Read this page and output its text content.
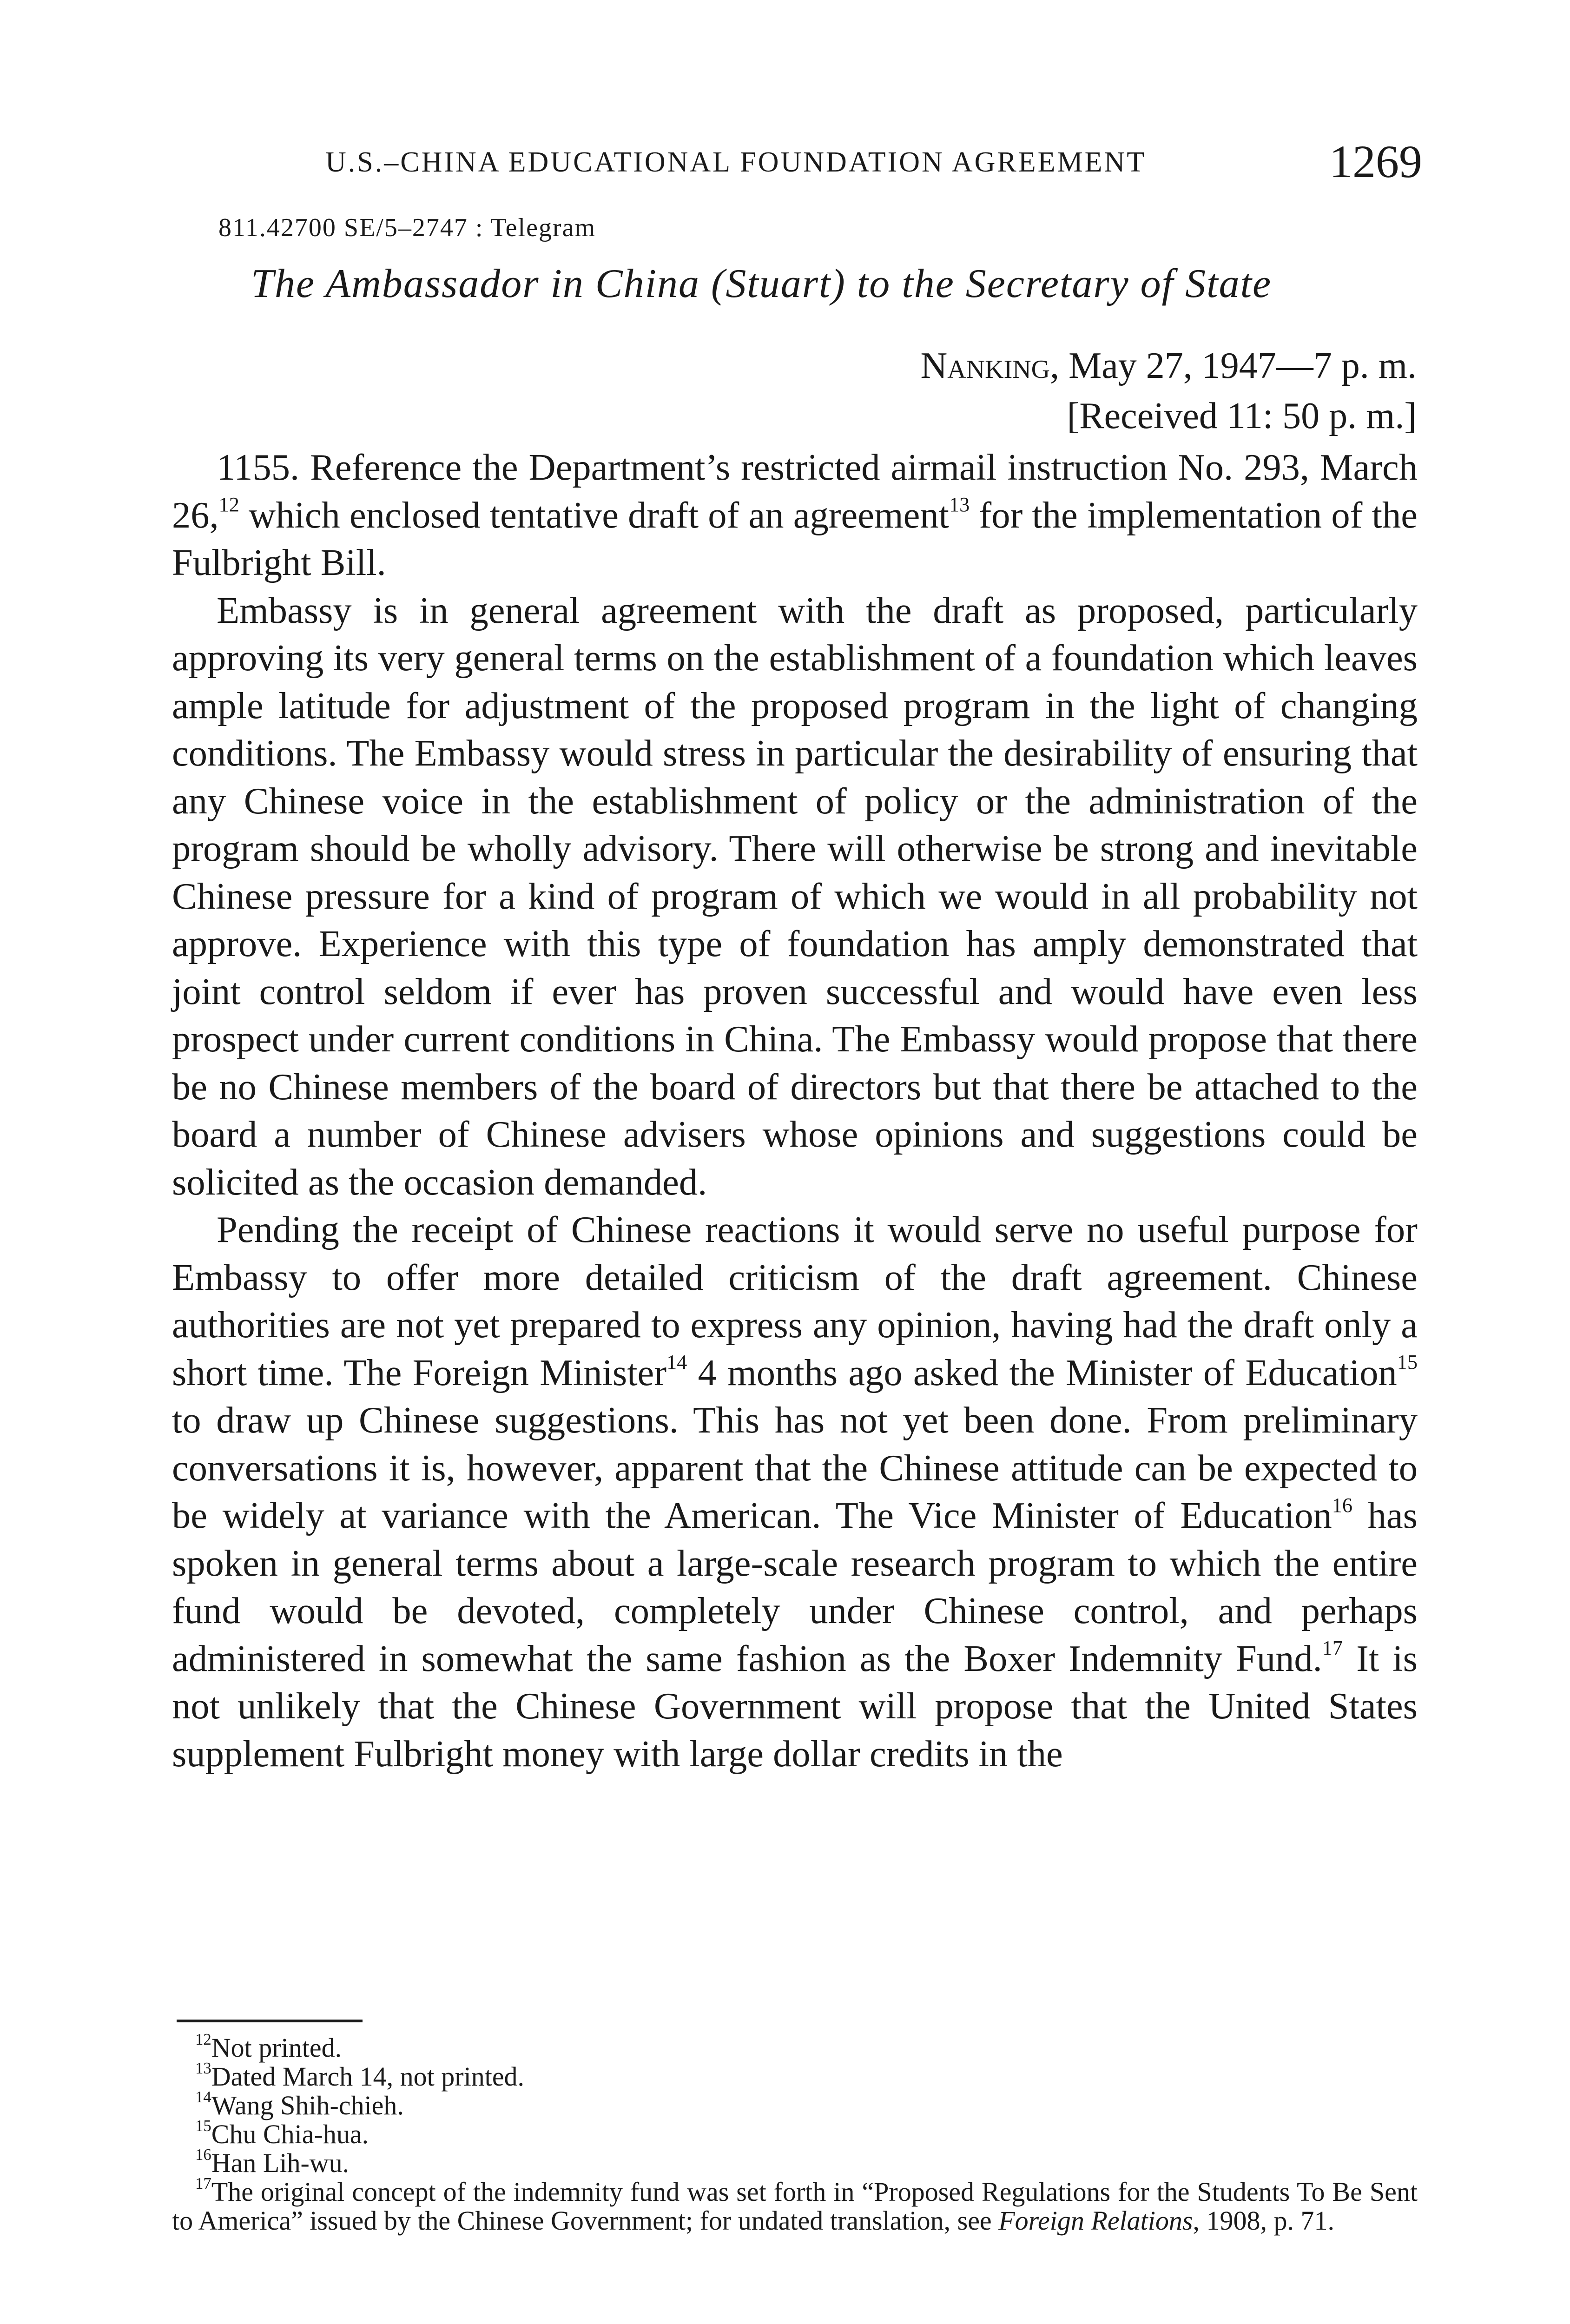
U.S.–CHINA EDUCATIONAL FOUNDATION AGREEMENT	1269
811.42700 SE/5–2747 : Telegram
The Ambassador in China (Stuart) to the Secretary of State
Nanking, May 27, 1947—7 p. m.
[Received 11: 50 p. m.]

1155. Reference the Department’s restricted airmail instruction No. 293, March 26,12 which enclosed tentative draft of an agreement$^{13}$ for the implementation of the Fulbright Bill.

Embassy is in general agreement with the draft as proposed, particularly approving its very general terms on the establishment of a foundation which leaves ample latitude for adjustment of the proposed program in the light of changing conditions. The Embassy would stress in particular the desirability of ensuring that any Chinese voice in the establishment of policy or the administration of the program should be wholly advisory. There will otherwise be strong and inevitable Chinese pressure for a kind of program of which we would in all probability not approve. Experience with this type of foundation has amply demonstrated that joint control seldom if ever has proven successful and would have even less prospect under current conditions in China. The Embassy would propose that there be no Chinese members of the board of directors but that there be attached to the board a number of Chinese advisers whose opinions and suggestions could be solicited as the occasion demanded.

Pending the receipt of Chinese reactions it would serve no useful purpose for Embassy to offer more detailed criticism of the draft agreement. Chinese authorities are not yet prepared to express any opinion, having had the draft only a short time. The Foreign Minister$^{14}$ 4 months ago asked the Minister of Education$^{15}$ to draw up Chinese suggestions. This has not yet been done. From preliminary conversations it is, however, apparent that the Chinese attitude can be expected to be widely at variance with the American. The Vice Minister of Education$^{16}$ has spoken in general terms about a large-scale research program to which the entire fund would be devoted, completely under Chinese control, and perhaps administered in somewhat the same fashion as the Boxer Indemnity Fund.$^{17}$ It is not unlikely that the Chinese Government will propose that the United States supplement Fulbright money with large dollar credits in the

$^{12}$Not printed.

$^{13}$Dated March 14, not printed.

$^{14}$Wang Shih-chieh.

$^{15}$Chu Chia-hua.

$^{16}$Han Lih-wu.

$^{17}$The original concept of the indemnity fund was set forth in “Proposed Regulations for the Students To Be Sent to America” issued by the Chinese Government; for undated translation, see Foreign Relations, 1908, p. 71.
